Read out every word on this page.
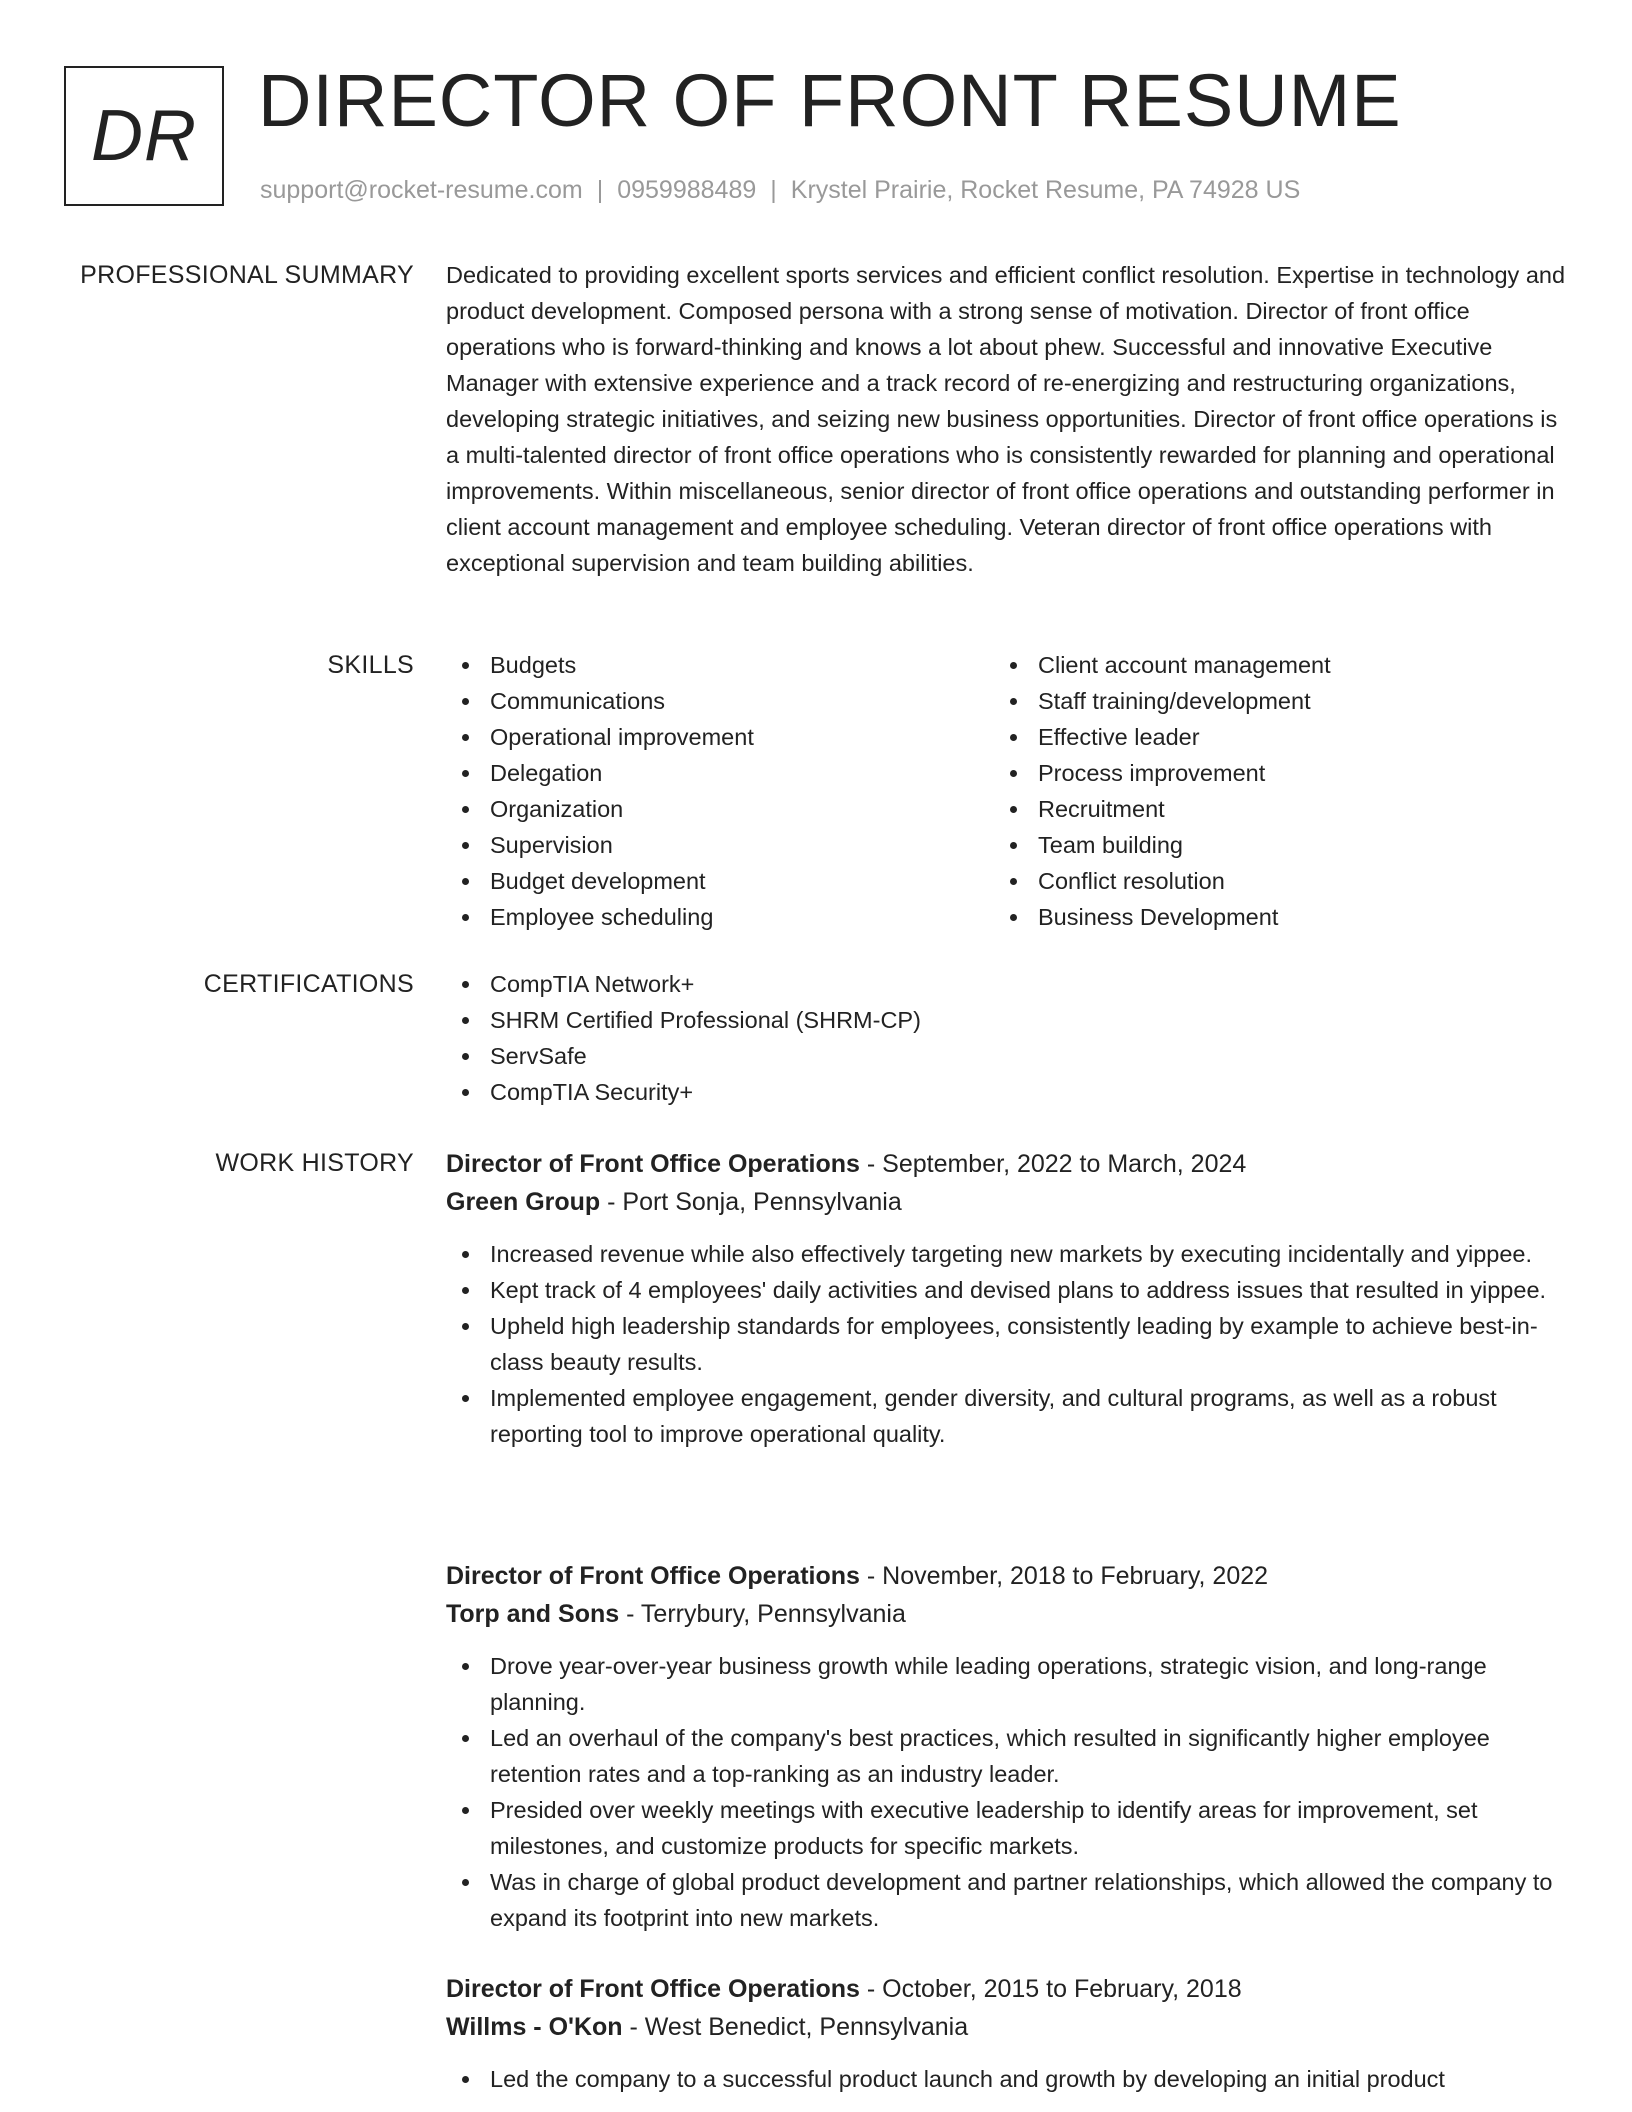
DR DIRECTOR OF FRONT RESUME
support@rocket-resume.com | 0959988489 | Krystel Prairie, Rocket Resume, PA 74928 US
PROFESSIONAL SUMMARY Dedicated to providing excellent sports services and efficient conflict resolution. Expertise in technology and product development. Composed persona with a strong sense of motivation. Director of front office operations who is forward-thinking and knows a lot about phew. Successful and innovative Executive Manager with extensive experience and a track record of re-energizing and restructuring organizations, developing strategic initiatives, and seizing new business opportunities. Director of front office operations is a multi-talented director of front office operations who is consistently rewarded for planning and operational improvements. Within miscellaneous, senior director of front office operations and outstanding performer in client account management and employee scheduling. Veteran director of front office operations with exceptional supervision and team building abilities.

SKILLS	Budgets
Communications
Operational improvement
Delegation
Organization
Supervision
Budget development
Employee scheduling
Client account management
Staff training/development
Effective leader
Process improvement
Recruitment
Team building
Conflict resolution
Business Development
CERTIFICATIONS	CompTIA Network+
SHRM Certified Professional (SHRM-CP)
ServSafe
CompTIA Security+
WORK HISTORY Director of Front Office Operations - September, 2022 to March, 2024
Green Group - Port Sonja, Pennsylvania
Increased revenue while also effectively targeting new markets by executing incidentally and yippee.
Kept track of 4 employees' daily activities and devised plans to address issues that resulted in yippee.
Upheld high leadership standards for employees, consistently leading by example to achieve best-in-class beauty results.
Implemented employee engagement, gender diversity, and cultural programs, as well as a robust reporting tool to improve operational quality.
Director of Front Office Operations - November, 2018 to February, 2022
Torp and Sons - Terrybury, Pennsylvania
Drove year-over-year business growth while leading operations, strategic vision, and long-range planning.
Led an overhaul of the company's best practices, which resulted in significantly higher employee retention rates and a top-ranking as an industry leader.
Presided over weekly meetings with executive leadership to identify areas for improvement, set milestones, and customize products for specific markets.
Was in charge of global product development and partner relationships, which allowed the company to expand its footprint into new markets.
Director of Front Office Operations - October, 2015 to February, 2018
Willms - O'Kon - West Benedict, Pennsylvania
Led the company to a successful product launch and growth by developing an initial product
